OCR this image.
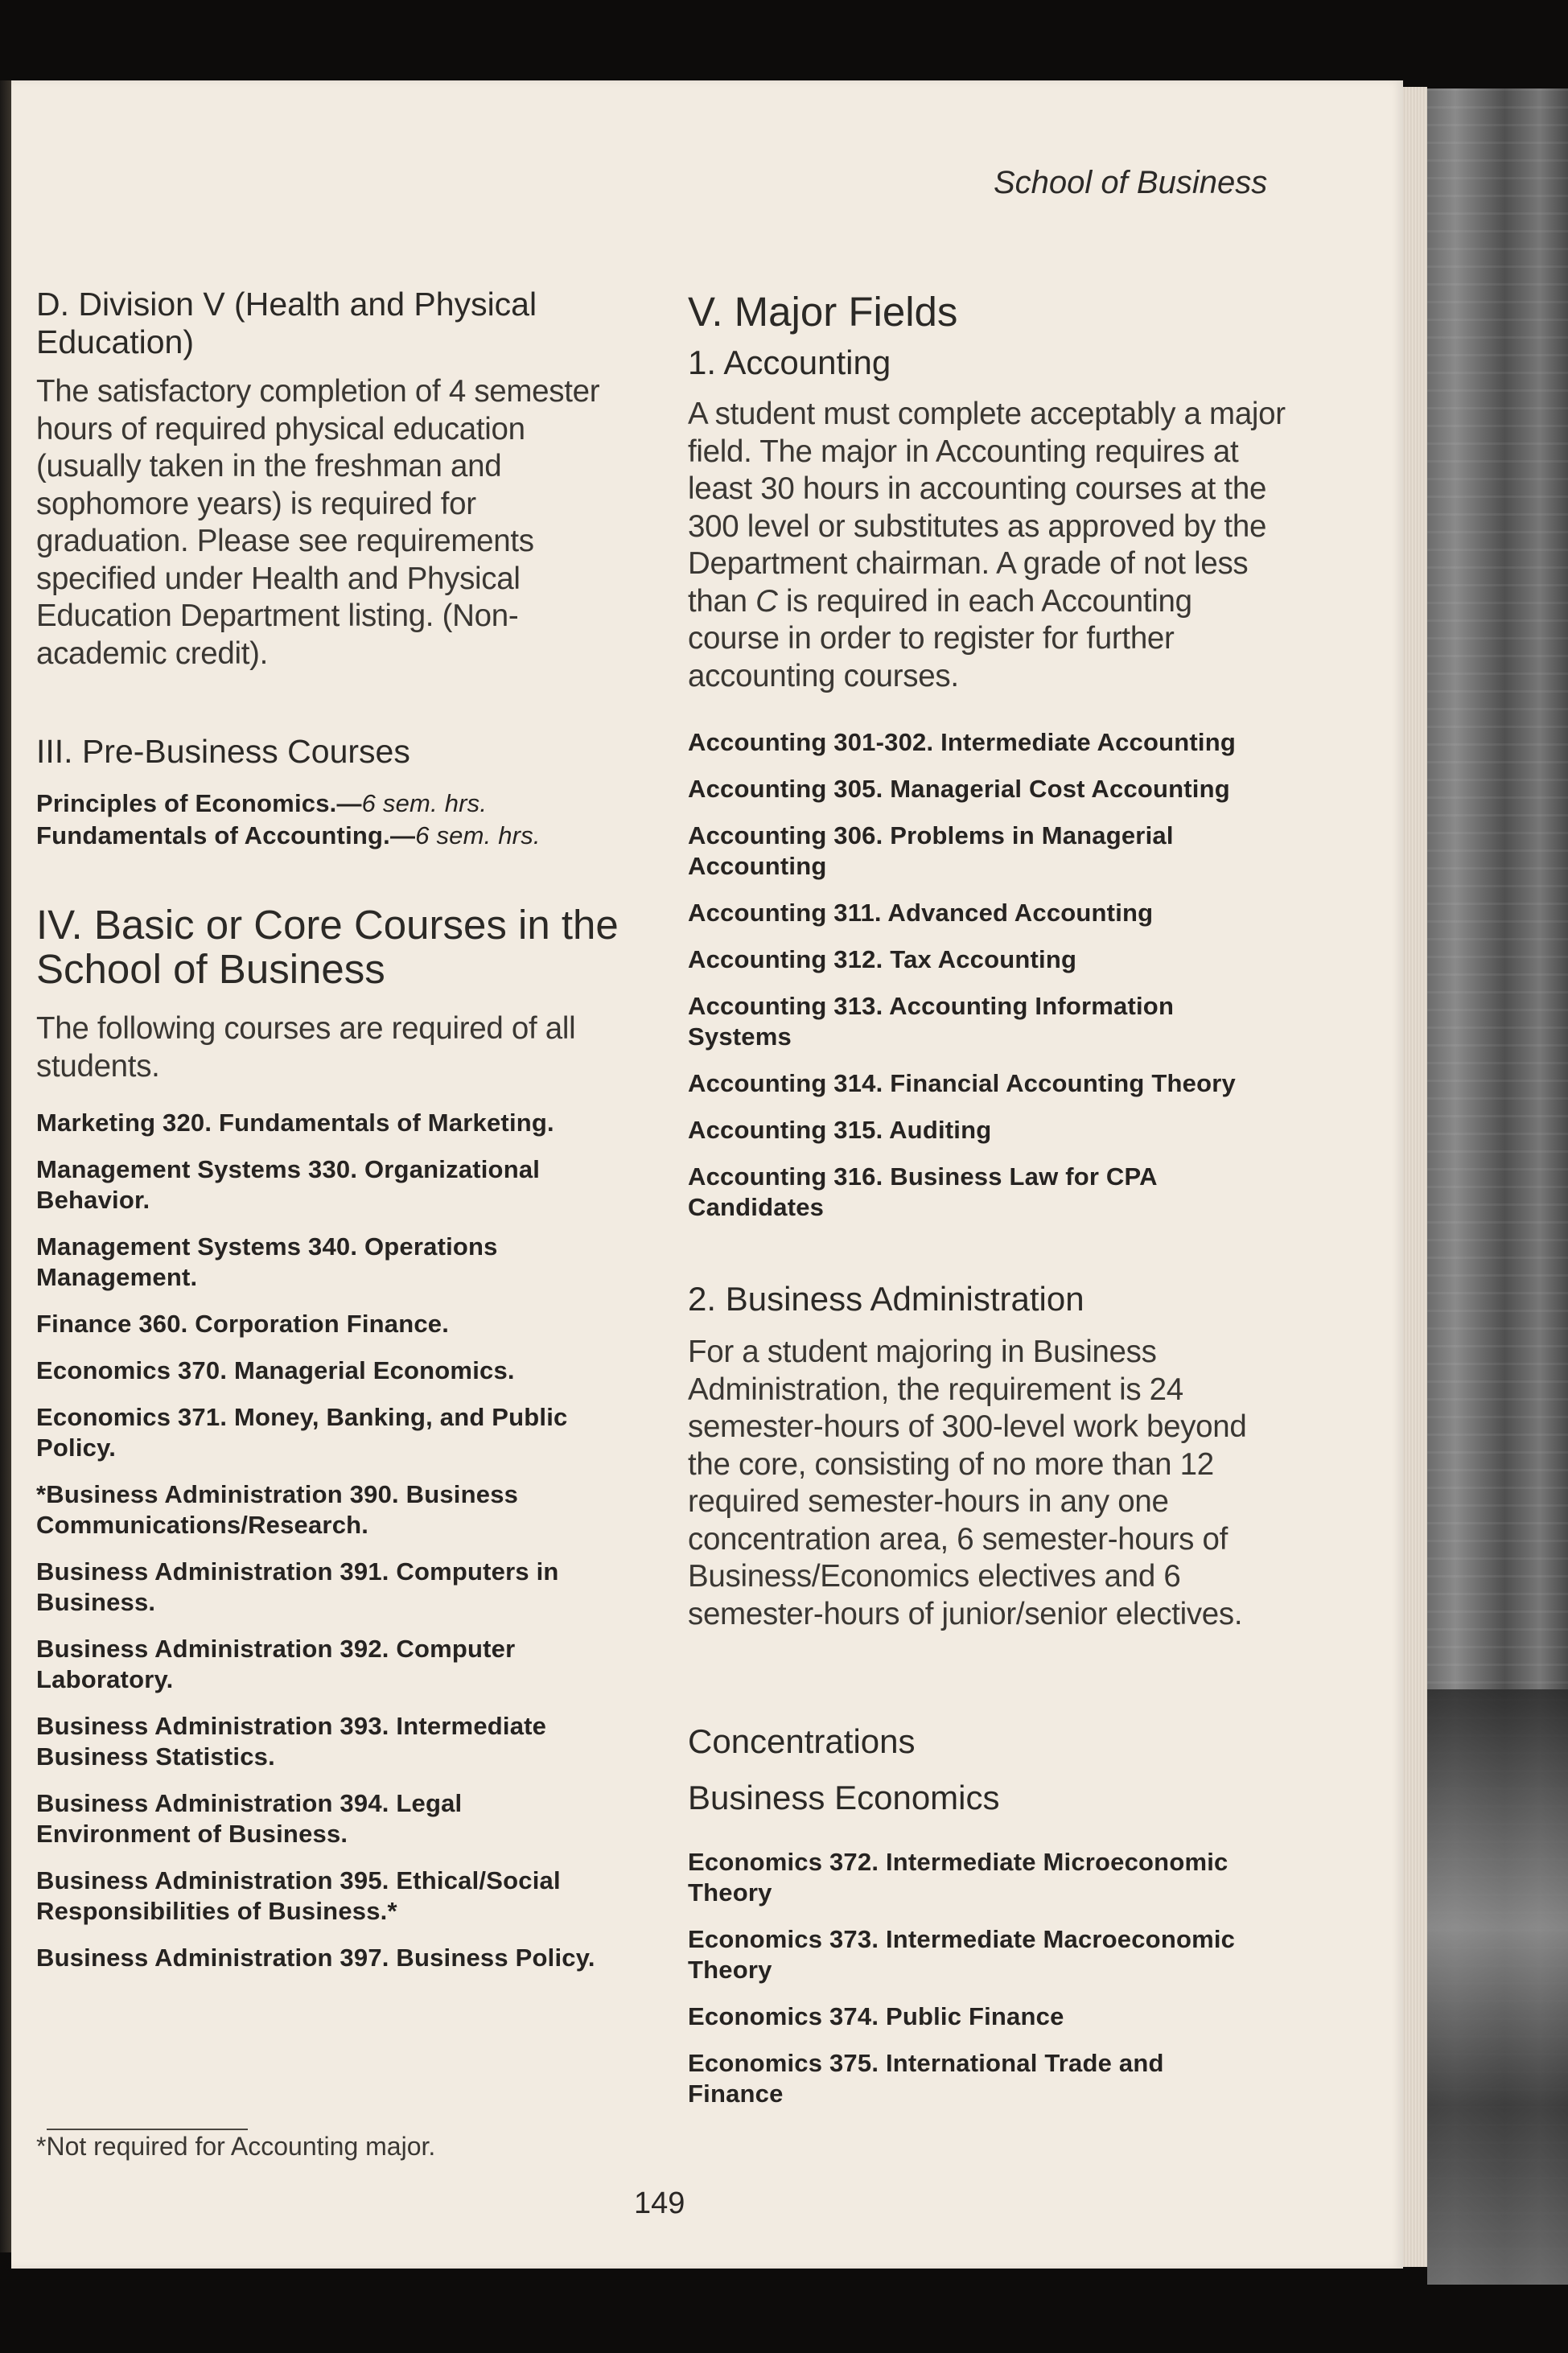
School of Business
D. Division V (Health and Physical Education)

The satisfactory completion of 4 semester hours of required physical education (usually taken in the freshman and sophomore years) is required for graduation. Please see requirements specified under Health and Physical Education Department listing. (Non-academic credit).

III. Pre-Business Courses
Principles of Economics.—6 sem. hrs.
Fundamentals of Accounting.—6 sem. hrs.
IV. Basic or Core Courses in the School of Business

The following courses are required of all students.

Marketing 320. Fundamentals of Marketing.
Management Systems 330. Organizational Behavior.
Management Systems 340. Operations Management.
Finance 360. Corporation Finance.
Economics 370. Managerial Economics.
Economics 371. Money, Banking, and Public Policy.
*Business Administration 390. Business Communications/Research.
Business Administration 391. Computers in Business.
Business Administration 392. Computer Laboratory.
Business Administration 393. Intermediate Business Statistics.
Business Administration 394. Legal Environment of Business.
Business Administration 395. Ethical/Social Responsibilities of Business.*
Business Administration 397. Business Policy.
*Not required for Accounting major.
V. Major Fields
1. Accounting

A student must complete acceptably a major field. The major in Accounting requires at least 30 hours in accounting courses at the 300 level or substitutes as approved by the Department chairman. A grade of not less than C is required in each Accounting course in order to register for further accounting courses.

Accounting 301-302. Intermediate Accounting
Accounting 305. Managerial Cost Accounting
Accounting 306. Problems in Managerial Accounting
Accounting 311. Advanced Accounting
Accounting 312. Tax Accounting
Accounting 313. Accounting Information Systems
Accounting 314. Financial Accounting Theory
Accounting 315. Auditing
Accounting 316. Business Law for CPA Candidates
2. Business Administration

For a student majoring in Business Administration, the requirement is 24 semester-hours of 300-level work beyond the core, consisting of no more than 12 required semester-hours in any one concentration area, 6 semester-hours of Business/Economics electives and 6 semester-hours of junior/senior electives.

Concentrations
Business Economics
Economics 372. Intermediate Microeconomic Theory
Economics 373. Intermediate Macroeconomic Theory
Economics 374. Public Finance
Economics 375. International Trade and Finance
149
